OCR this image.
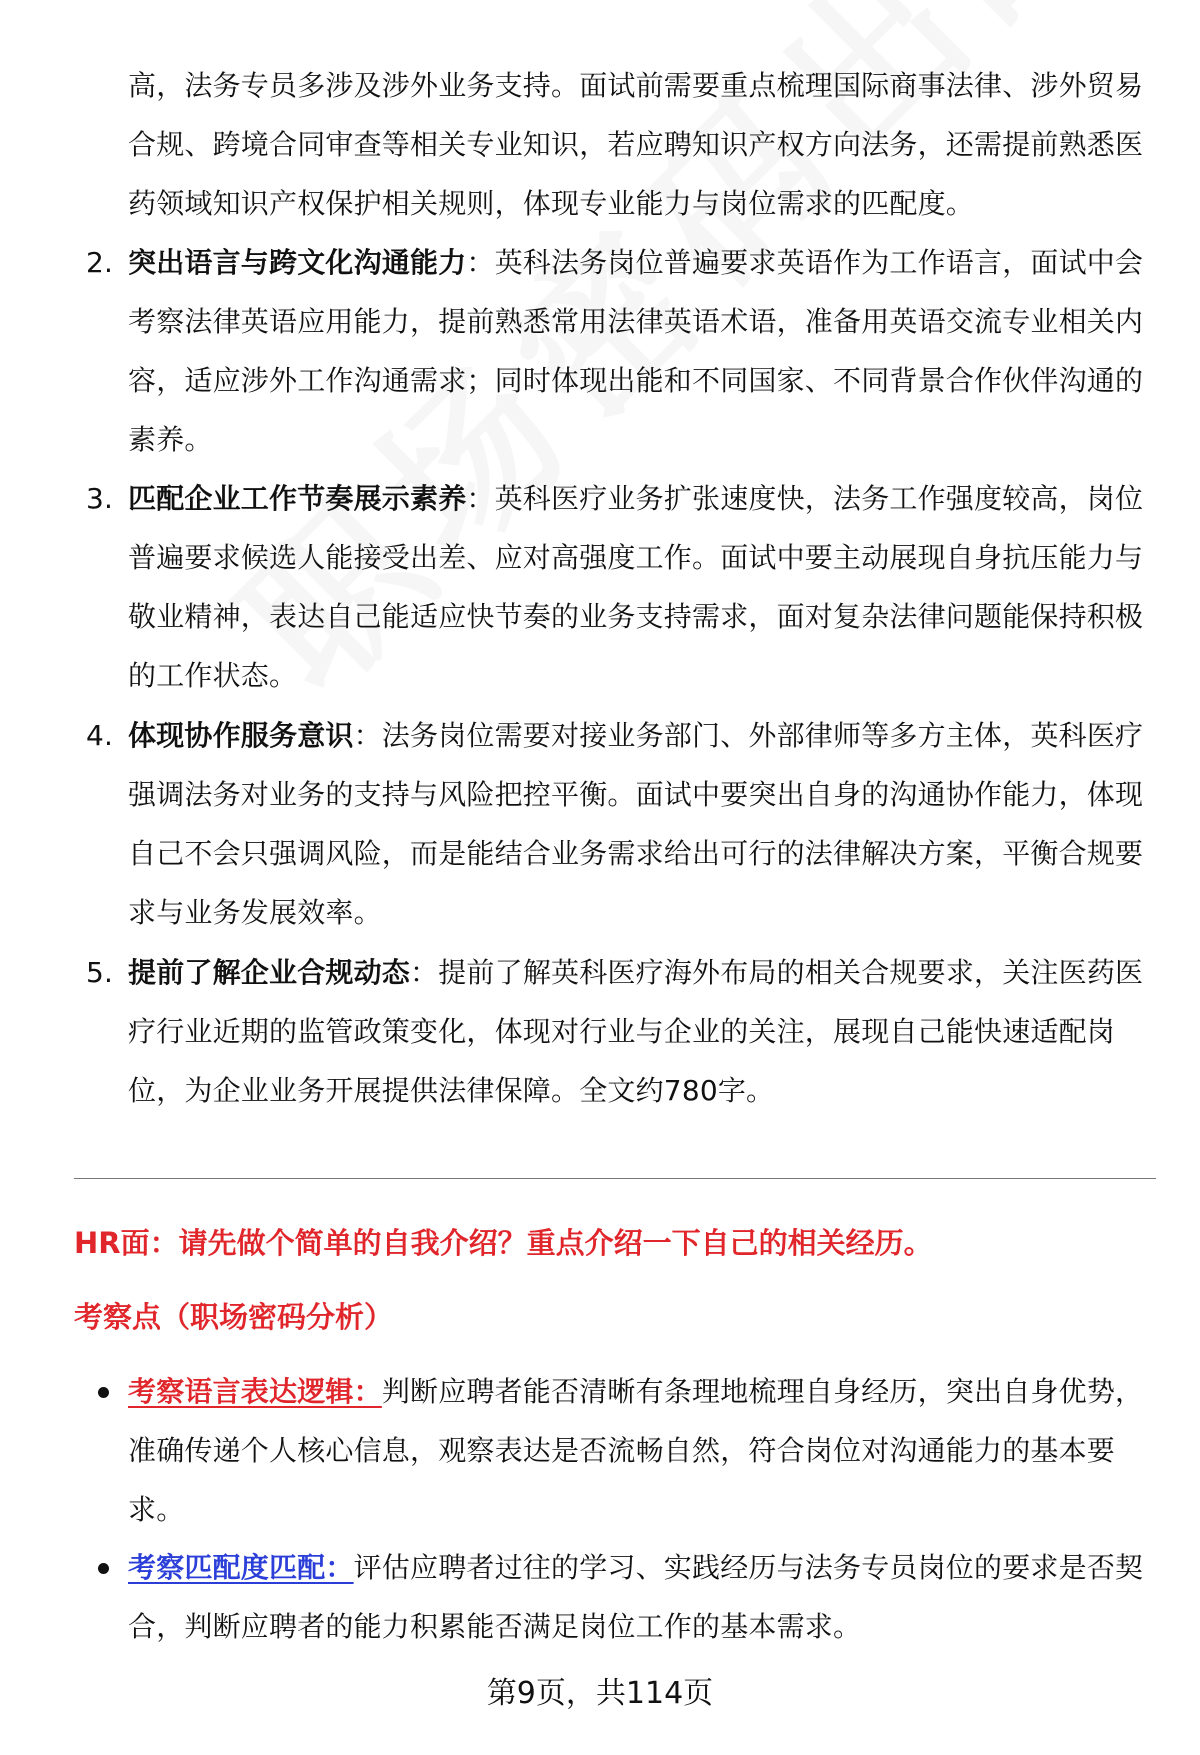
高，法务专员多涉及涉外业务支持。面试前需要重点梳理国际商事法律、涉外贸易合规、跨境合同审查等相关专业知识，若应聘知识产权方向法务，还需提前熟悉医药领域知识产权保护相关规则，体现专业能力与岗位需求的匹配度。
2. 突出语言与跨文化沟通能力：英科法务岗位普遍要求英语作为工作语言，面试中会考察法律英语应用能力，提前熟悉常用法律英语术语，准备用英语交流专业相关内容，适应涉外工作沟通需求；同时体现出能和不同国家、不同背景合作伙伴沟通的素养。
3. 匹配企业工作节奏展示素养：英科医疗业务扩张速度快，法务工作强度较高，岗位普遍要求候选人能接受出差、应对高强度工作。面试中要主动展现自身抗压能力与敬业精神，表达自己能适应快节奏的业务支持需求，面对复杂法律问题能保持积极的工作状态。
4. 体现协作服务意识：法务岗位需要对接业务部门、外部律师等多方主体，英科医疗强调法务对业务的支持与风险把控平衡。面试中要突出自身的沟通协作能力，体现自己不会只强调风险，而是能结合业务需求给出可行的法律解决方案，平衡合规要求与业务发展效率。
5. 提前了解企业合规动态：提前了解英科医疗海外布局的相关合规要求，关注医药医疗行业近期的监管政策变化，体现对行业与企业的关注，展现自己能快速适配岗位，为企业业务开展提供法律保障。全文约780字。
HR面：请先做个简单的自我介绍？重点介绍一下自己的相关经历。
考察点（职场密码分析）
考察语言表达逻辑：判断应聘者能否清晰有条理地梳理自身经历，突出自身优势，准确传递个人核心信息，观察表达是否流畅自然，符合岗位对沟通能力的基本要求。
考察匹配度匹配：评估应聘者过往的学习、实践经历与法务专员岗位的要求是否契合，判断应聘者的能力积累能否满足岗位工作的基本需求。
第9页，共114页
